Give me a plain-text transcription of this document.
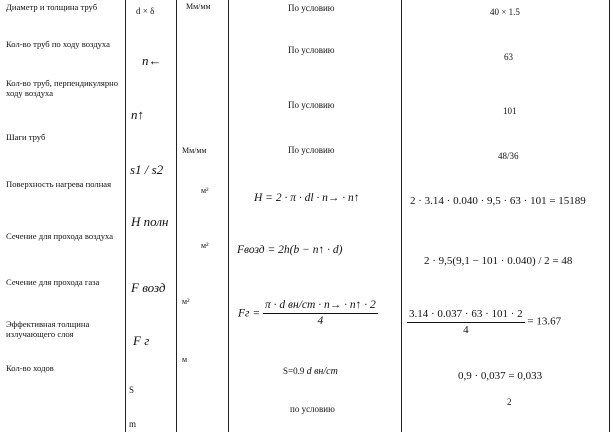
Диаметр и толщина труб
Кол-во труб по ходу воздуха
Кол-во труб, перпендикулярно ходу воздуха
Шаги труб
Поверхность нагрева полная
Сечение для прохода воздуха
Сечение для прохода газа
Эффективная толщина излучающего слоя
Кол-во ходов
d × δ
n←
n↑
s1 / s2
H полн
F возд
F г
S
m
Мм/мм
Мм/мм
м²
м²
м²
м
По условию
По условию
По условию
По условию
H = 2 · π · dl · n→ · n↑
Fвозд = 2h(b − n↑ · d)
Fг = $\frac{\text{π · d вн/ст · n→ · n↑ · 2}}{4}$
S=0.9 d вн/ст
по условию
40 × 1.5
63
101
48/36
2 · 3.14 · 0.040 · 9,5 · 63 · 101 = 15189
2 · 9,5(9,1 − 101 · 0.040) / 2 = 48
$\frac{3.14 \cdot 0.037 \cdot 63 \cdot 101 \cdot 2}{4} = 13.67$
0,9 · 0,037 = 0,033
2
